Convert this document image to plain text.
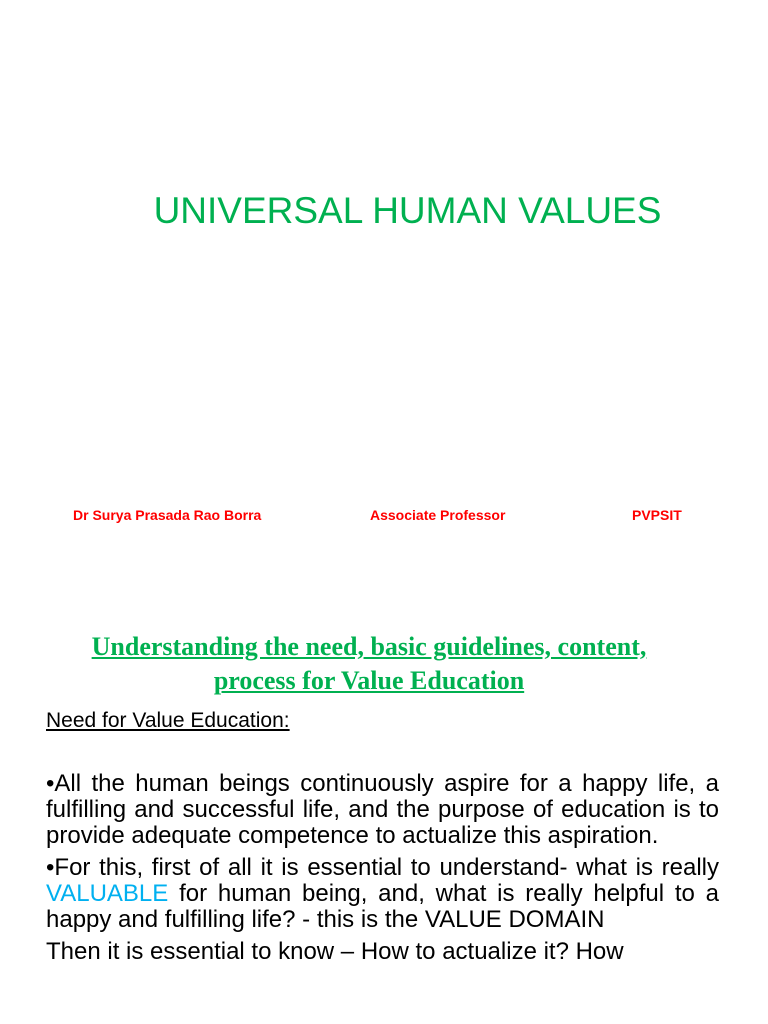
UNIVERSAL HUMAN VALUES
Dr Surya Prasada Rao Borra	Associate Professor	PVPSIT
Understanding the need, basic guidelines, content,
process for Value Education
Need for Value Education:

•All the human beings continuously aspire for a happy life, a fulfilling and successful life, and the purpose of education is to provide adequate competence to actualize this aspiration.

•For this, first of all it is essential to understand- what is really VALUABLE for human being, and, what is really helpful to a happy and fulfilling life? - this is the VALUE DOMAIN

Then it is essential to know – How to actualize it? How
